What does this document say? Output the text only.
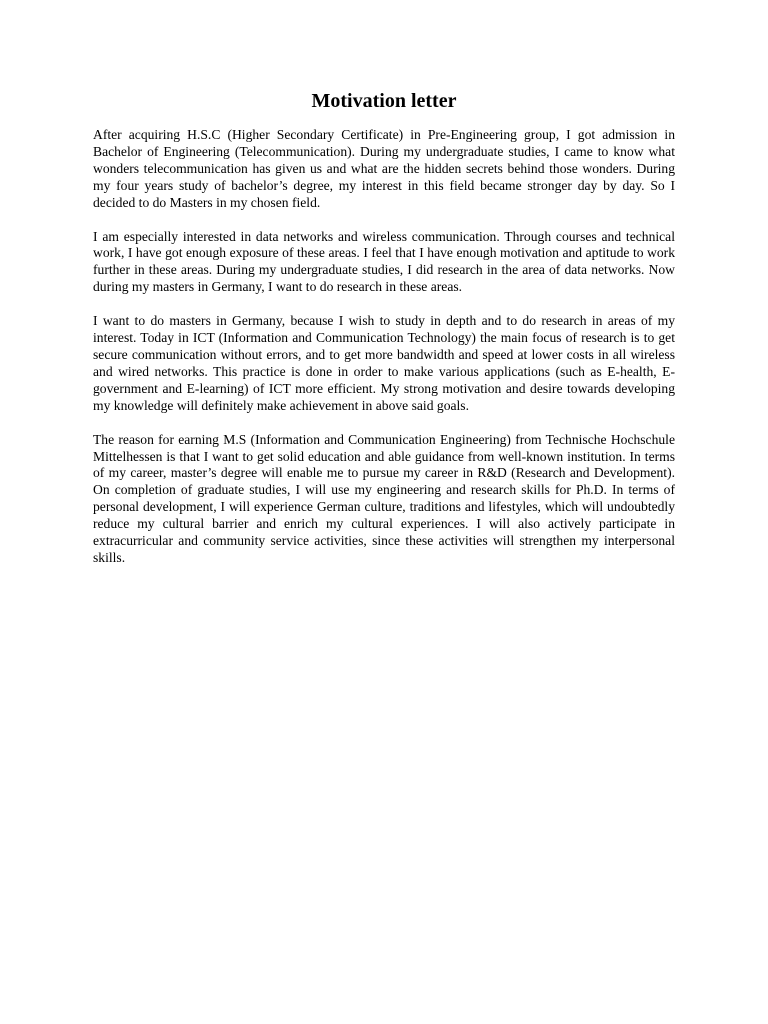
Motivation letter

After acquiring H.S.C (Higher Secondary Certificate) in Pre-Engineering group, I got admission in Bachelor of Engineering (Telecommunication). During my undergraduate studies, I came to know what wonders telecommunication has given us and what are the hidden secrets behind those wonders. During my four years study of bachelor’s degree, my interest in this field became stronger day by day. So I decided to do Masters in my chosen field.

I am especially interested in data networks and wireless communication. Through courses and technical work, I have got enough exposure of these areas. I feel that I have enough motivation and aptitude to work further in these areas. During my undergraduate studies, I did research in the area of data networks. Now during my masters in Germany, I want to do research in these areas.

I want to do masters in Germany, because I wish to study in depth and to do research in areas of my interest. Today in ICT (Information and Communication Technology) the main focus of research is to get secure communication without errors, and to get more bandwidth and speed at lower costs in all wireless and wired networks. This practice is done in order to make various applications (such as E-health, E-government and E-learning) of ICT more efficient. My strong motivation and desire towards developing my knowledge will definitely make achievement in above said goals.

The reason for earning M.S (Information and Communication Engineering) from Technische Hochschule Mittelhessen is that I want to get solid education and able guidance from well-known institution. In terms of my career, master’s degree will enable me to pursue my career in R&D (Research and Development). On completion of graduate studies, I will use my engineering and research skills for Ph.D. In terms of personal development, I will experience German culture, traditions and lifestyles, which will undoubtedly reduce my cultural barrier and enrich my cultural experiences. I will also actively participate in extracurricular and community service activities, since these activities will strengthen my interpersonal skills.
